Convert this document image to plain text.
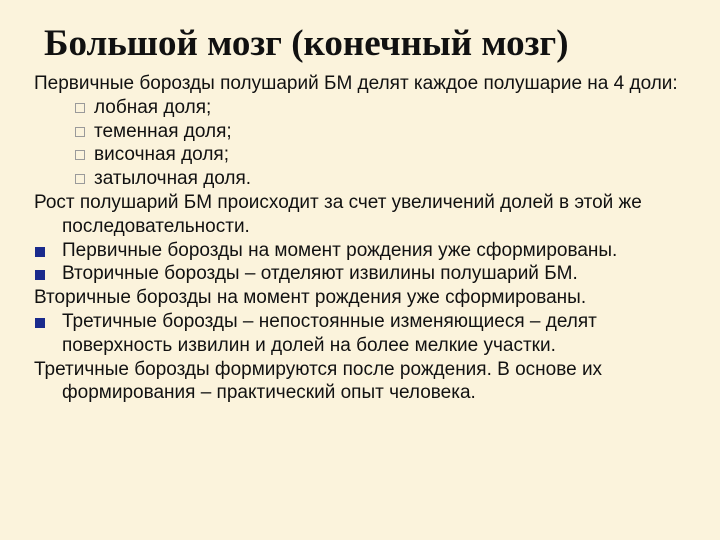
Большой мозг (конечный мозг)

Первичные борозды полушарий БМ делят каждое полушарие на 4 доли:

лобная доля;

теменная доля;

височная доля;

затылочная доля.

Рост полушарий БМ происходит за счет увеличений долей в этой же последовательности.

Первичные борозды на момент рождения уже сформированы.

Вторичные борозды – отделяют извилины полушарий БМ.

Вторичные борозды на момент рождения уже сформированы.

Третичные борозды – непостоянные изменяющиеся – делят поверхность извилин и долей на более мелкие участки.

Третичные борозды формируются после рождения. В основе их формирования – практический опыт человека.
